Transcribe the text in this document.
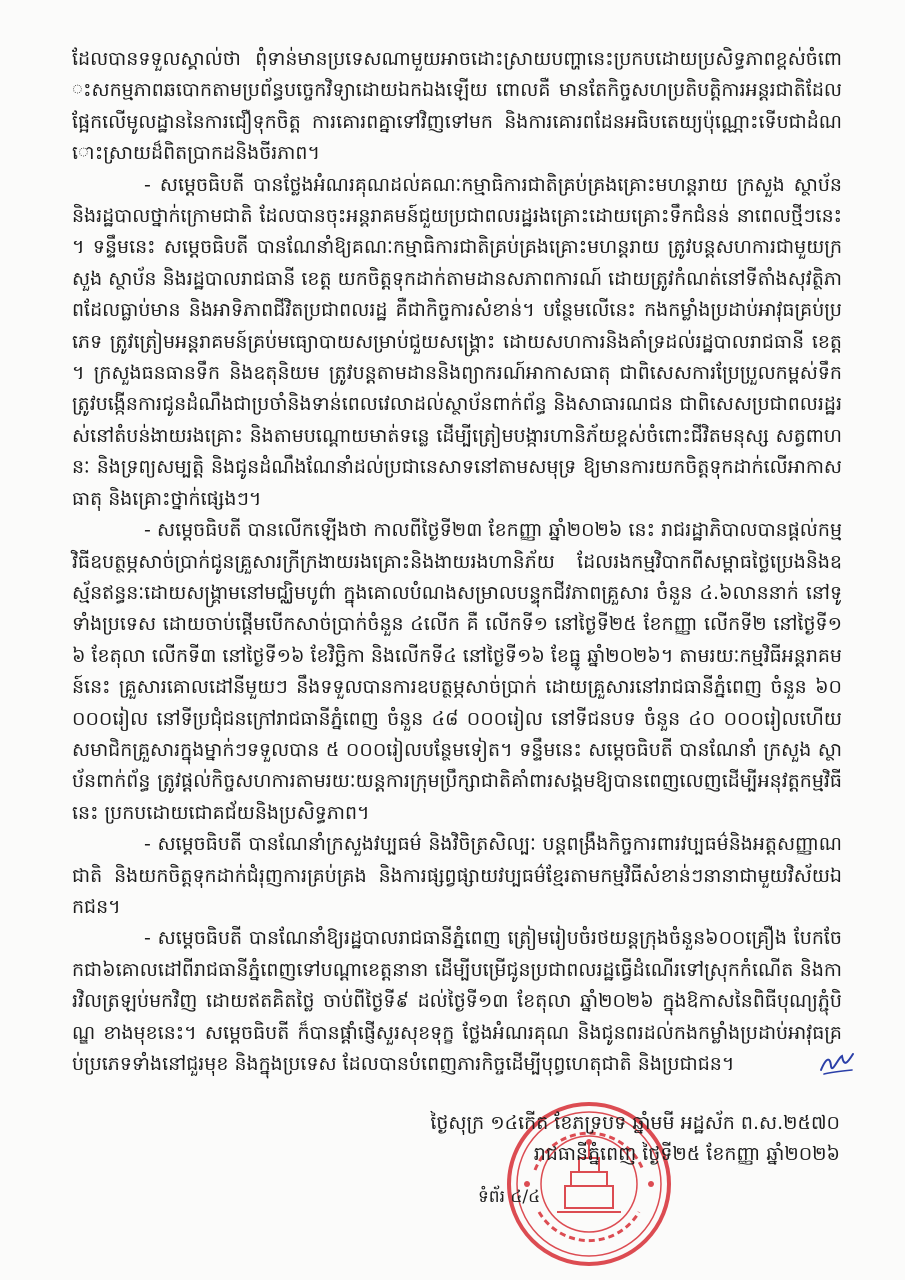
ដែលបានទទួលស្គាល់ថា ពុំទាន់មានប្រទេសណាមួយអាចដោះស្រាយបញ្ហានេះប្រកបដោយប្រសិទ្ធភាពខ្ពស់ចំពោះសកម្មភាពឆបោកតាមប្រព័ន្ធបច្ចេកវិទ្យាដោយឯកឯងឡើយ ពោលគឺ មានតែកិច្ចសហប្រតិបត្តិការអន្តរជាតិដែលផ្អែកលើមូលដ្ឋាននៃការជឿទុកចិត្ត ការគោរពគ្នាទៅវិញទៅមក និងការគោរពដែនអធិបតេយ្យប៉ុណ្ណោះទើបជាដំណោះស្រាយដ៏ពិតប្រាកដនិងចីរភាព។

- សម្តេចធិបតី បានថ្លែងអំណរគុណដល់គណៈកម្មាធិការជាតិគ្រប់គ្រងគ្រោះមហន្តរាយ ក្រសួង ស្ថាប័ន និងរដ្ឋបាលថ្នាក់ក្រោមជាតិ ដែលបានចុះអន្តរាគមន៍ជួយប្រជាពលរដ្ឋរងគ្រោះដោយគ្រោះទឹកជំនន់ នាពេលថ្មីៗនេះ។ ទន្ទឹមនេះ សម្តេចធិបតី បានណែនាំឱ្យគណៈកម្មាធិការជាតិគ្រប់គ្រងគ្រោះមហន្តរាយ ត្រូវបន្តសហការជាមួយក្រសួង ស្ថាប័ន និងរដ្ឋបាលរាជធានី ខេត្ត យកចិត្តទុកដាក់តាមដានសភាពការណ៍ ដោយត្រូវកំណត់នៅទីតាំងសុវត្ថិភាពដែលធ្លាប់មាន និងអាទិភាពជីវិតប្រជាពលរដ្ឋ គឺជាកិច្ចការសំខាន់។ បន្ថែមលើនេះ កងកម្លាំងប្រដាប់អាវុធគ្រប់ប្រភេទ ត្រូវត្រៀមអន្តរាគមន៍គ្រប់មធ្យោបាយសម្រាប់ជួយសង្គ្រោះ ដោយសហការនិងគាំទ្រដល់រដ្ឋបាលរាជធានី ខេត្ត។ ក្រសួងធនធានទឹក និងឧតុនិយម ត្រូវបន្តតាមដាននិងព្យាករណ៍អាកាសធាតុ ជាពិសេសការប្រែប្រួលកម្ពស់ទឹក ត្រូវបង្កើនការជូនដំណឹងជាប្រចាំនិងទាន់ពេលវេលាដល់ស្ថាប័នពាក់ព័ន្ធ និងសាធារណជន ជាពិសេសប្រជាពលរដ្ឋរស់នៅតំបន់ងាយរងគ្រោះ និងតាមបណ្តោយមាត់ទន្លេ ដើម្បីត្រៀមបង្ការហានិភ័យខ្ពស់ចំពោះជីវិតមនុស្ស សត្វពាហនៈ និងទ្រព្យសម្បត្តិ និងជូនដំណឹងណែនាំដល់ប្រជានេសាទនៅតាមសមុទ្រ ឱ្យមានការយកចិត្តទុកដាក់លើអាកាសធាតុ និងគ្រោះថ្នាក់ផ្សេងៗ។

- សម្តេចធិបតី បានលើកឡើងថា កាលពីថ្ងៃទី២៣ ខែកញ្ញា ឆ្នាំ២០២៦ នេះ រាជរដ្ឋាភិបាលបានផ្តល់កម្មវិធីឧបត្ថម្ភសាច់ប្រាក់ជូនគ្រួសារក្រីក្រងាយរងគ្រោះនិងងាយរងហានិភ័យ ដែលរងកម្មវិបាកពីសម្ពាធថ្លៃប្រេងនិងឧស្ម័នឥន្ធនៈដោយសង្គ្រាមនៅមជ្ឈិមបូព៌ា ក្នុងគោលបំណងសម្រាលបន្ទុកជីវភាពគ្រួសារ ចំនួន ៤.៦លាននាក់ នៅទូទាំងប្រទេស ដោយចាប់ផ្តើមបើកសាច់ប្រាក់ចំនួន ៤លើក គឺ លើកទី១ នៅថ្ងៃទី២៥ ខែកញ្ញា លើកទី២ នៅថ្ងៃទី១៦ ខែតុលា លើកទី៣ នៅថ្ងៃទី១៦ ខែវិច្ឆិកា និងលើកទី៤ នៅថ្ងៃទី១៦ ខែធ្នូ ឆ្នាំ២០២៦។ តាមរយៈកម្មវិធីអន្តរាគមន៍នេះ គ្រួសារគោលដៅនីមួយៗ នឹងទទួលបានការឧបត្ថម្ភសាច់ប្រាក់ ដោយគ្រួសារនៅរាជធានីភ្នំពេញ ចំនួន ៦០ ០០០រៀល នៅទីប្រជុំជនក្រៅរាជធានីភ្នំពេញ ចំនួន ៤៨ ០០០រៀល នៅទីជនបទ ចំនួន ៤០ ០០០រៀលហើយសមាជិកគ្រួសារក្នុងម្នាក់ៗទទួលបាន ៥ ០០០រៀលបន្ថែមទៀត។ ទន្ទឹមនេះ សម្តេចធិបតី បានណែនាំ ក្រសួង ស្ថាប័នពាក់ព័ន្ធ ត្រូវផ្តល់កិច្ចសហការតាមរយៈយន្តការក្រុមប្រឹក្សាជាតិគាំពារសង្គមឱ្យបានពេញលេញដើម្បីអនុវត្តកម្មវិធីនេះ ប្រកបដោយជោគជ័យនិងប្រសិទ្ធភាព។

- សម្តេចធិបតី បានណែនាំក្រសួងវប្បធម៌ និងវិចិត្រសិល្បៈ បន្តពង្រឹងកិច្ចការពារវប្បធម៌និងអត្តសញ្ញាណជាតិ និងយកចិត្តទុកដាក់ជំរុញការគ្រប់គ្រង និងការផ្សព្វផ្សាយវប្បធម៌ខ្មែរតាមកម្មវិធីសំខាន់ៗនានាជាមួយវិស័យឯកជន។

- សម្តេចធិបតី បានណែនាំឱ្យរដ្ឋបាលរាជធានីភ្នំពេញ ត្រៀមរៀបចំរថយន្តក្រុងចំនួន៦០០គ្រឿង បែកចែកជា៦គោលដៅពីរាជធានីភ្នំពេញទៅបណ្តាខេត្តនានា ដើម្បីបម្រើជូនប្រជាពលរដ្ឋធ្វើដំណើរទៅស្រុកកំណើត និងការវិលត្រឡប់មកវិញ ដោយឥតគិតថ្លៃ ចាប់ពីថ្ងៃទី៩ ដល់ថ្ងៃទី១៣ ខែតុលា ឆ្នាំ២០២៦ ក្នុងឱកាសនៃពិធីបុណ្យភ្ជុំបិណ្ឌ ខាងមុខនេះ។ សម្តេចធិបតី ក៏បានផ្តាំផ្ញើសួរសុខទុក្ខ ថ្លែងអំណរគុណ និងជូនពរដល់កងកម្លាំងប្រដាប់អាវុធគ្រប់ប្រភេទទាំងនៅជួរមុខ និងក្នុងប្រទេស ដែលបានបំពេញភារកិច្ចដើម្បីបុព្វហេតុជាតិ និងប្រជាជន។

ថ្ងៃសុក្រ ១៤កើត ខែភទ្របទ ឆ្នាំមមី អដ្ឋស័ក ព.ស.២៥៧០
រាជធានីភ្នំពេញ ថ្ងៃទី២៥ ខែកញ្ញា ឆ្នាំ២០២៦
ទំព័រ ៤/៤
